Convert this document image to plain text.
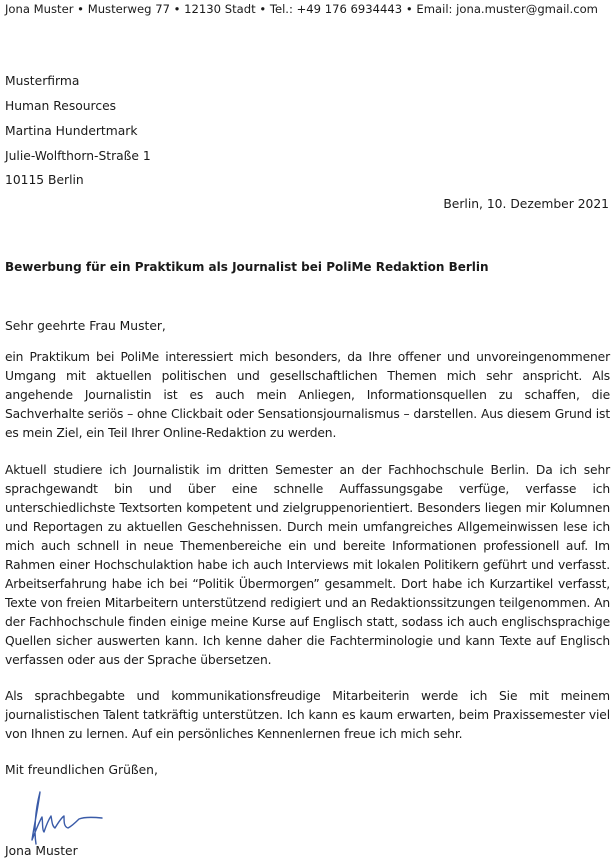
Jona Muster • Musterweg 77 • 12130 Stadt • Tel.: +49 176 6934443 • Email: jona.muster@gmail.com
Musterfirma
Human Resources
Martina Hundertmark
Julie-Wolfthorn-Straße 1
10115 Berlin
Berlin, 10. Dezember 2021
Bewerbung für ein Praktikum als Journalist bei PoliMe Redaktion Berlin
Sehr geehrte Frau Muster,
ein Praktikum bei PoliMe interessiert mich besonders, da Ihre offener und unvoreingenommener Umgang mit aktuellen politischen und gesellschaftlichen Themen mich sehr anspricht. Als angehende Journalistin ist es auch mein Anliegen, Informationsquellen zu schaffen, die Sachverhalte seriös – ohne Clickbait oder Sensationsjournalismus – darstellen. Aus diesem Grund ist es mein Ziel, ein Teil Ihrer Online-Redaktion zu werden.
Aktuell studiere ich Journalistik im dritten Semester an der Fachhochschule Berlin. Da ich sehr sprachgewandt bin und über eine schnelle Auffassungsgabe verfüge, verfasse ich unterschiedlichste Textsorten kompetent und zielgruppenorientiert. Besonders liegen mir Kolumnen und Reportagen zu aktuellen Geschehnissen. Durch mein umfangreiches Allgemeinwissen lese ich mich auch schnell in neue Themenbereiche ein und bereite Informationen professionell auf. Im Rahmen einer Hochschulaktion habe ich auch Interviews mit lokalen Politikern geführt und verfasst. Arbeitserfahrung habe ich bei “Politik Übermorgen” gesammelt. Dort habe ich Kurzartikel verfasst, Texte von freien Mitarbeitern unterstützend redigiert und an Redaktionssitzungen teilgenommen. An der Fachhochschule finden einige meine Kurse auf Englisch statt, sodass ich auch englischsprachige Quellen sicher auswerten kann. Ich kenne daher die Fachterminologie und kann Texte auf Englisch verfassen oder aus der Sprache übersetzen.
Als sprachbegabte und kommunikationsfreudige Mitarbeiterin werde ich Sie mit meinem journalistischen Talent tatkräftig unterstützen. Ich kann es kaum erwarten, beim Praxissemester viel von Ihnen zu lernen. Auf ein persönliches Kennenlernen freue ich mich sehr.
Mit freundlichen Grüßen,
Jona Muster
